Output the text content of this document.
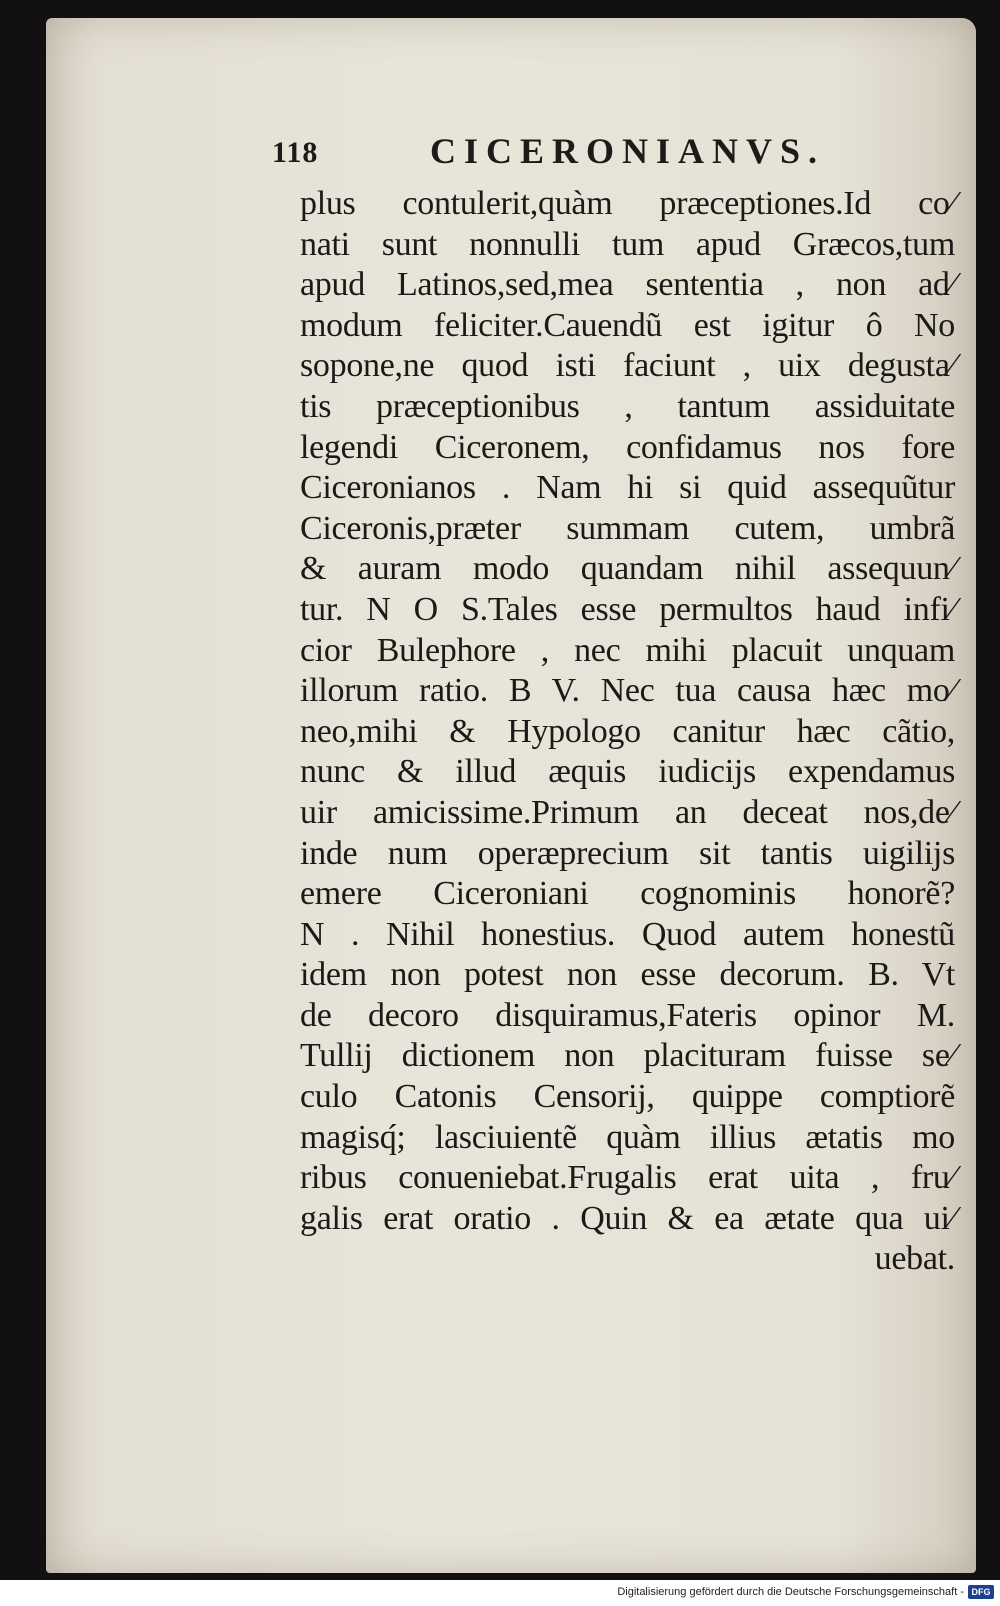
118	CICERONIANVS.
plus contulerit,quàm præceptiones.Id co⁄
nati sunt nonnulli tum apud Græcos,tum
apud Latinos,sed,mea sententia , non ad⁄
modum feliciter.Cauendũ est igitur ô No
sopone,ne quod isti faciunt , uix degusta⁄
tis præceptionibus , tantum assiduitate
legendi Ciceronem, confidamus nos fore
Ciceronianos . Nam hi si quid assequũtur
Ciceronis,præter summam cutem, umbrã
& auram modo quandam nihil assequun⁄
tur. N O S.Tales esse permultos haud infi⁄
cior Bulephore , nec mihi placuit unquam
illorum ratio. B V. Nec tua causa hæc mo⁄
neo,mihi & Hypologo canitur hæc cãtio,
nunc & illud æquis iudicijs expendamus
uir amicissime.Primum an deceat nos,de⁄
inde num operæprecium sit tantis uigilijs
emere Ciceroniani cognominis honorẽ?
N . Nihil honestius. Quod autem honestũ
idem non potest non esse decorum. B. Vt
de decoro disquiramus,Fateris opinor M.
Tullij dictionem non placituram fuisse se⁄
culo Catonis Censorij, quippe comptiorẽ
magisq́; lasciuientẽ quàm illius ætatis mo
ribus conueniebat.Frugalis erat uita , fru⁄
galis erat oratio . Quin & ea ætate qua ui⁄
uebat.
Digitalisierung gefördert durch die Deutsche Forschungsgemeinschaft - DFG
